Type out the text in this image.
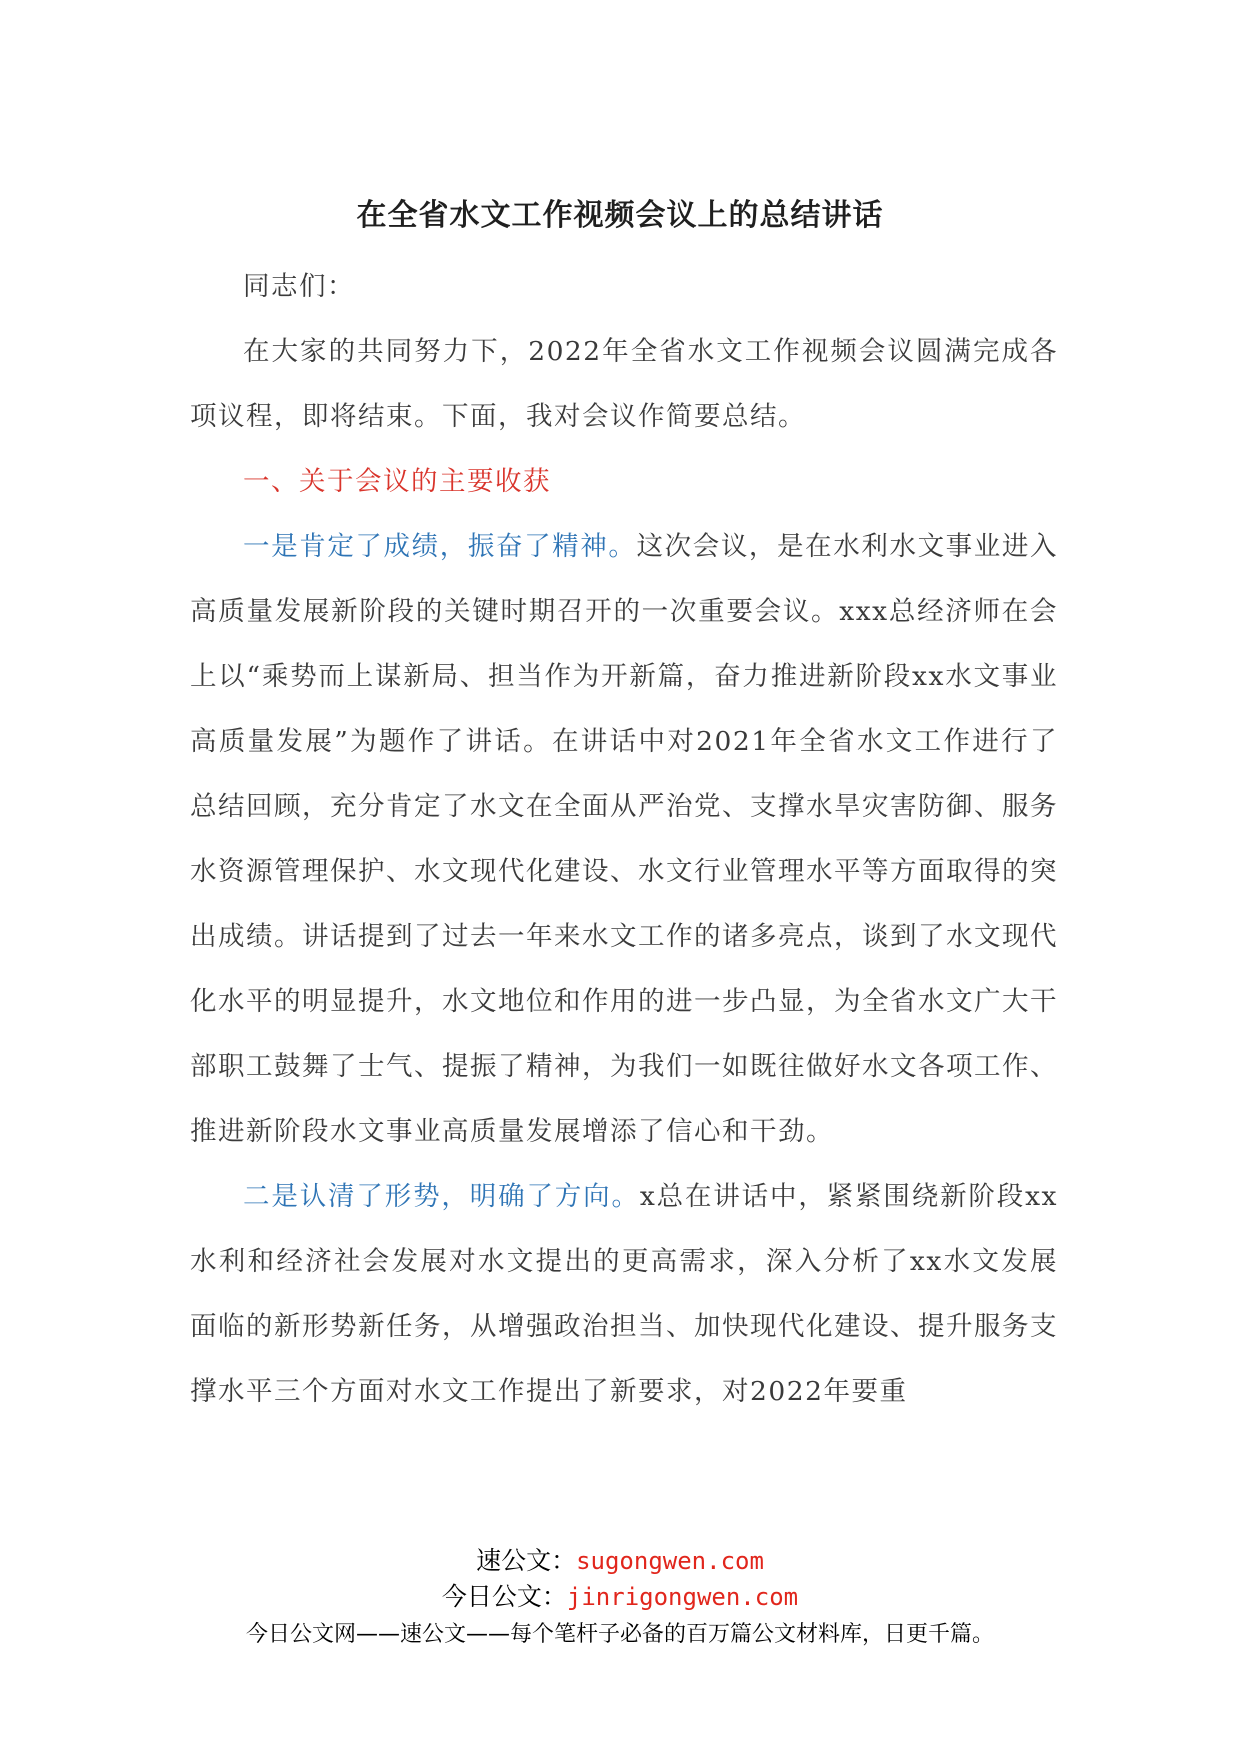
在全省水文工作视频会议上的总结讲话

同志们：

在大家的共同努力下，2022年全省水文工作视频会议圆满完成各项议程，即将结束。下面，我对会议作简要总结。

一、关于会议的主要收获

一是肯定了成绩，振奋了精神。这次会议，是在水利水文事业进入高质量发展新阶段的关键时期召开的一次重要会议。xxx总经济师在会上以“乘势而上谋新局、担当作为开新篇，奋力推进新阶段xx水文事业高质量发展”为题作了讲话。在讲话中对2021年全省水文工作进行了总结回顾，充分肯定了水文在全面从严治党、支撑水旱灾害防御、服务水资源管理保护、水文现代化建设、水文行业管理水平等方面取得的突出成绩。讲话提到了过去一年来水文工作的诸多亮点，谈到了水文现代化水平的明显提升，水文地位和作用的进一步凸显，为全省水文广大干部职工鼓舞了士气、提振了精神，为我们一如既往做好水文各项工作、推进新阶段水文事业高质量发展增添了信心和干劲。

二是认清了形势，明确了方向。x总在讲话中，紧紧围绕新阶段xx水利和经济社会发展对水文提出的更高需求，深入分析了xx水文发展面临的新形势新任务，从增强政治担当、加快现代化建设、提升服务支撑水平三个方面对水文工作提出了新要求，对2022年要重

速公文：sugongwen.com
今日公文：jinrigongwen.com
今日公文网——速公文——每个笔杆子必备的百万篇公文材料库，日更千篇。
